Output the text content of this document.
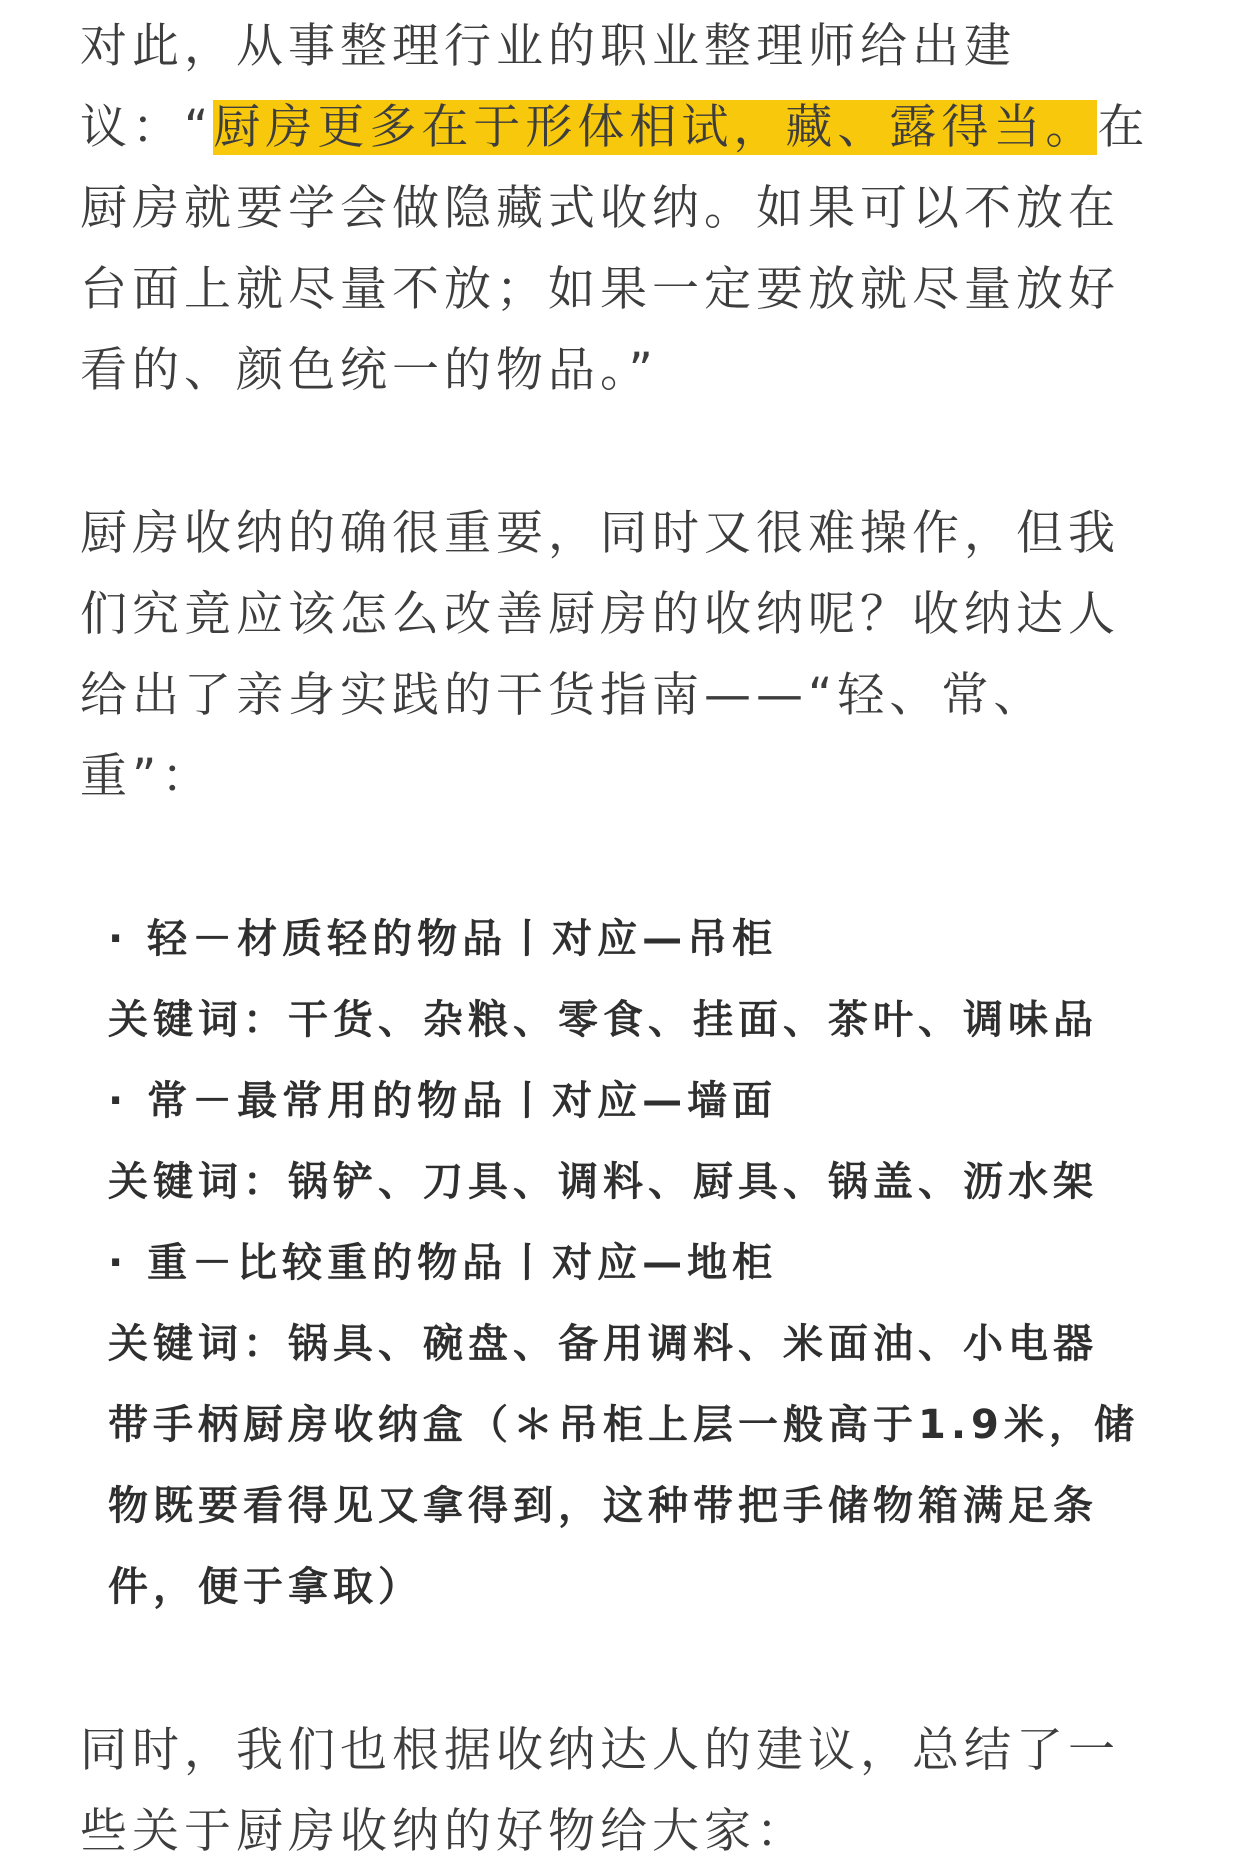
对此，从事整理行业的职业整理师给出建议：“厨房更多在于形体相试，藏、露得当。在厨房就要学会做隐藏式收纳。如果可以不放在台面上就尽量不放；如果一定要放就尽量放好看的、颜色统一的物品。”

厨房收纳的确很重要，同时又很难操作，但我们究竟应该怎么改善厨房的收纳呢？收纳达人给出了亲身实践的干货指南——“轻、常、重”：

· 轻－材质轻的物品丨对应—吊柜

关键词：干货、杂粮、零食、挂面、茶叶、调味品

· 常－最常用的物品丨对应—墙面

关键词：锅铲、刀具、调料、厨具、锅盖、沥水架

· 重－比较重的物品丨对应—地柜

关键词：锅具、碗盘、备用调料、米面油、小电器

带手柄厨房收纳盒（＊吊柜上层一般高于1.9米，储物既要看得见又拿得到，这种带把手储物箱满足条件，便于拿取）

同时，我们也根据收纳达人的建议，总结了一些关于厨房收纳的好物给大家：
